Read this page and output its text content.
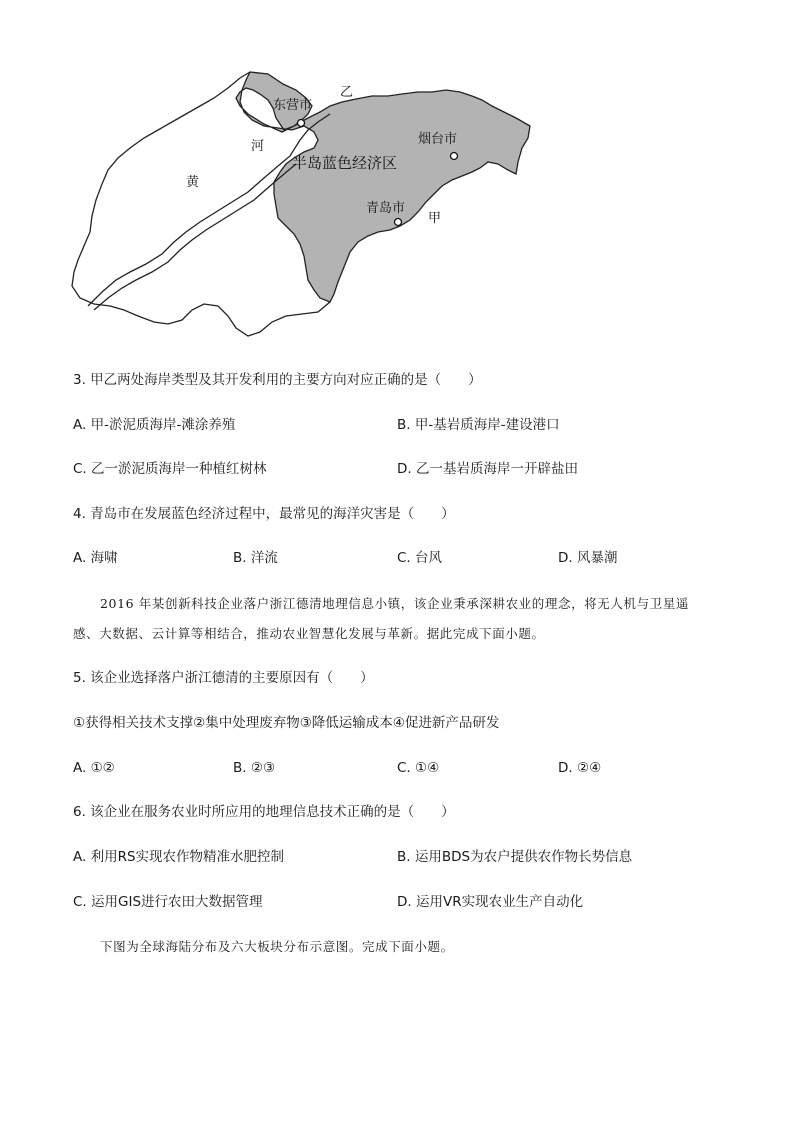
乙
东营市
烟台市
河
黄
半岛蓝色经济区
青岛市
甲
3. 甲乙两处海岸类型及其开发利用的主要方向对应正确的是（　　）
A. 甲-淤泥质海岸-滩涂养殖	B. 甲-基岩质海岸-建设港口
C. 乙一淤泥质海岸一种植红树林	D. 乙一基岩质海岸一开辟盐田
4. 青岛市在发展蓝色经济过程中，最常见的海洋灾害是（　　）
A. 海啸	B. 洋流	C. 台风	D. 风暴潮
2016 年某创新科技企业落户浙江德清地理信息小镇，该企业秉承深耕农业的理念，将无人机与卫星遥
感、大数据、云计算等相结合，推动农业智慧化发展与革新。据此完成下面小题。
5. 该企业选择落户浙江德清的主要原因有（　　）
①获得相关技术支撑②集中处理废弃物③降低运输成本④促进新产品研发
A. ①②	B. ②③	C. ①④	D. ②④
6. 该企业在服务农业时所应用的地理信息技术正确的是（　　）
A. 利用RS实现农作物精准水肥控制	B. 运用BDS为农户提供农作物长势信息
C. 运用GIS进行农田大数据管理	D. 运用VR实现农业生产自动化
下图为全球海陆分布及六大板块分布示意图。完成下面小题。
